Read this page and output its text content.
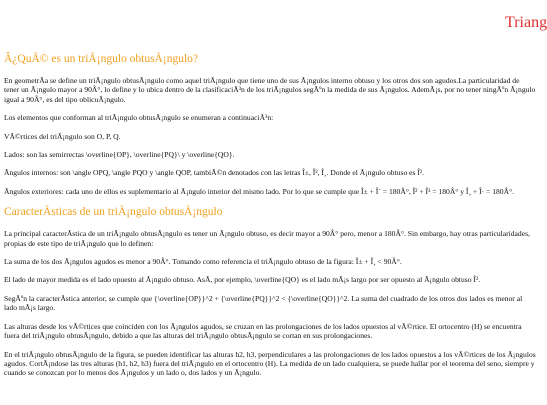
Triang
Â¿QuÃ© es un triÃ¡ngulo obtusÃ¡ngulo?

En geometrÃa se define un triÃ¡ngulo obtusÃ¡ngulo como aquel triÃ¡ngulo que tiene uno de sus Ã¡ngulos interno obtuso y los otros dos son agudos.La particularidad de tener un Ã¡ngulo mayor a 90Â°, lo define y lo ubica dentro de la clasificaciÃ³n de los triÃ¡ngulos segÃºn la medida de sus Ã¡ngulos. AdemÃ¡s, por no tener ningÃºn Ã¡ngulo igual a 90Â°, es del tipo oblicuÃ¡ngulo.

Los elementos que conforman al triÃ¡ngulo obtusÃ¡ngulo se enumeran a continuaciÃ³n:

VÃ©rtices del triÃ¡ngulo son O, P, Q.

Lados: son las semirrectas \overline{OP}, \overline{PQ}\ y \overline{QO}.

Ãngulos internos: son \angle OPQ, \angle PQO y \angle QOP, tambiÃ©n denotados con las letras Î±, Î², Î¸. Donde el Ã¡ngulo obtuso es Î².

Ãngulos exteriores: cada uno de ellos es suplementario al Ã¡ngulo interior del mismo lado. Por lo que se cumple que Î± + Î´ = 180Â°, Î² + Î³ = 180Â° y Î¸ + Î· = 180Â°.

CaracterÃsticas de un triÃ¡ngulo obtusÃ¡ngulo

La principal caracterÃstica de un triÃ¡ngulo obtusÃ¡ngulo es tener un Ã¡ngulo obtuso, es decir mayor a 90Â° pero, menor a 180Â°. Sin embargo, hay otras particularidades, propias de este tipo de triÃ¡ngulo que lo definen:

La suma de los dos Ã¡ngulos agudos es menor a 90Â°. Tomando como referencia el triÃ¡ngulo obtuso de la figura: Î± + Î¸ < 90Â°.

El lado de mayor medida es el lado opuesto al Ã¡ngulo obtuso. AsÃ, por ejemplo, \overline{QO} es el lado mÃ¡s largo por ser opuesto al Ã¡ngulo obtuso Î².

SegÃºn la caracterÃstica anterior, se cumple que {\overline{OP}}^2 + {\overline{PQ}}^2 < {\overline{QO}}^2. La suma del cuadrado de los otros dos lados es menor al lado mÃ¡s largo.

Las alturas desde los vÃ©rtices que coinciden con los Ã¡ngulos agudos, se cruzan en las prolongaciones de los lados opuestos al vÃ©rtice. El ortocentro (H) se encuentra fuera del triÃ¡ngulo obtusÃ¡ngulo, debido a que las alturas del triÃ¡ngulo obtusÃ¡ngulo se cortan en sus prolongaciones.

En el triÃ¡ngulo obtusÃ¡ngulo de la figura, se pueden identificar las alturas h2, h3, perpendiculares a las prolongaciones de los lados opuestos a los vÃ©rtices de los Ã¡ngulos agudos. CortÃ¡ndose las tres alturas (h1, h2, h3) fuera del triÃ¡ngulo en el ortocentro (H). La medida de un lado cualquiera, se puede hallar por el teorema del seno, siempre y cuando se conozcan por lo menos dos Ã¡ngulos y un lado o, dos lados y un Ã¡ngulo.
